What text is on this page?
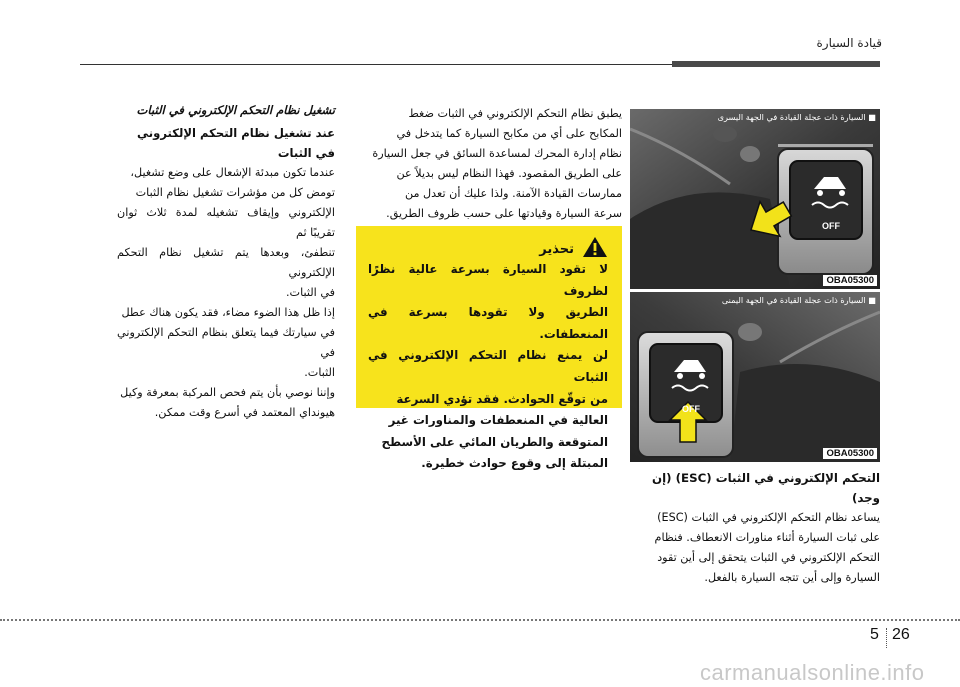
قيادة السيارة
تشغيل نظام التحكم الإلكتروني في الثبات
عند تشغيل نظام التحكم الإلكتروني في الثبات

عندما تكون مبدئة الإشعال على وضع تشغيل،
تومض كل من مؤشرات تشغيل نظام الثبات
الإلكتروني وإيقاف تشغيله لمدة ثلاث ثوان تقريبًا ثم
تنطفئ، وبعدها يتم تشغيل نظام التحكم الإلكتروني
في الثبات.

إذا ظل هذا الضوء مضاء، فقد يكون هناك عطل
في سيارتك فيما يتعلق بنظام التحكم الإلكتروني في
الثبات.

وإننا نوصي بأن يتم فحص المركبة بمعرفة وكيل
هيونداي المعتمد في أسرع وقت ممكن.

يطبق نظام التحكم الإلكتروني في الثبات ضغط
المكابح على أي من مكابح السيارة كما يتدخل في
نظام إدارة المحرك لمساعدة السائق في جعل السيارة
على الطريق المقصود. فهذا النظام ليس بديلاً عن
ممارسات القيادة الآمنة. ولذا عليك أن تعدل من
سرعة السيارة وقيادتها على حسب ظروف الطريق.

تحذير
لا تقود السيارة بسرعة عالية نظرًا لظروف
الطريق ولا تقودها بسرعة في المنعطفات.
لن يمنع نظام التحكم الإلكتروني في الثبات
من توقّع الحوادث. فقد تؤدي السرعة
العالية في المنعطفات والمناورات غير
المتوقعة والطريان المائي على الأسطح
المبتلة إلى وقوع حوادث خطيرة.
■ السيارة ذات عجلة القيادة في الجهة اليسرى
OFF
OBA05300
■ السيارة ذات عجلة القيادة في الجهة اليمنى
OFF
OBA05300
التحكم الإلكتروني في الثبات (ESC) (إن وجد)

يساعد نظام التحكم الإلكتروني في الثبات (ESC)
على ثبات السيارة أثناء مناورات الانعطاف. فنظام
التحكم الإلكتروني في الثبات يتحقق إلى أين تقود
السيارة وإلى أين تتجه السيارة بالفعل.

5 26
carmanualsonline.info
